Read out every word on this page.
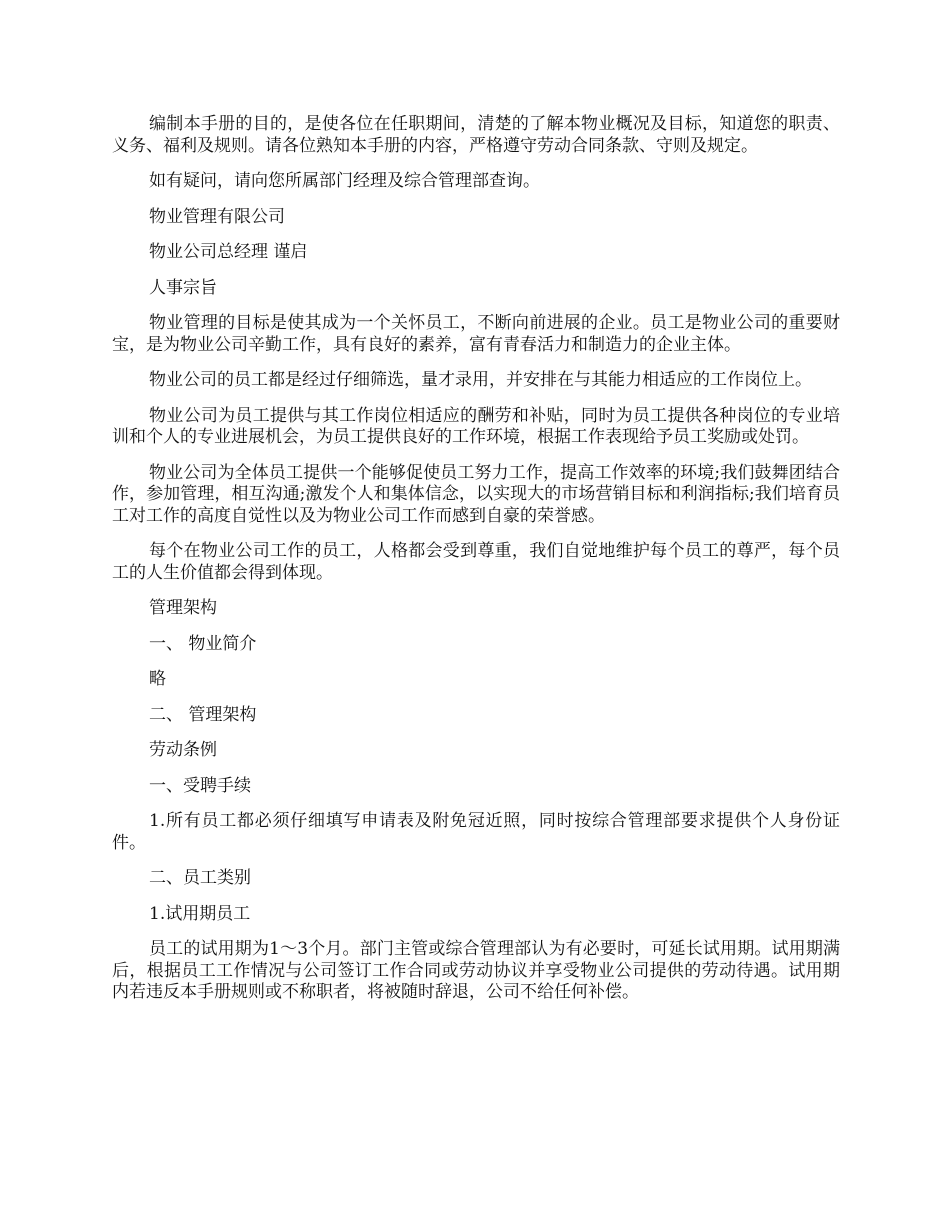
编制本手册的目的，是使各位在任职期间，清楚的了解本物业概况及目标，知道您的职责、义务、福利及规则。请各位熟知本手册的内容，严格遵守劳动合同条款、守则及规定。

如有疑问，请向您所属部门经理及综合管理部查询。

物业管理有限公司

物业公司总经理 谨启

人事宗旨

物业管理的目标是使其成为一个关怀员工，不断向前进展的企业。员工是物业公司的重要财宝，是为物业公司辛勤工作，具有良好的素养，富有青春活力和制造力的企业主体。

物业公司的员工都是经过仔细筛选，量才录用，并安排在与其能力相适应的工作岗位上。

物业公司为员工提供与其工作岗位相适应的酬劳和补贴，同时为员工提供各种岗位的专业培训和个人的专业进展机会，为员工提供良好的工作环境，根据工作表现给予员工奖励或处罚。

物业公司为全体员工提供一个能够促使员工努力工作，提高工作效率的环境;我们鼓舞团结合作，参加管理，相互沟通;激发个人和集体信念，以实现大的市场营销目标和利润指标;我们培育员工对工作的高度自觉性以及为物业公司工作而感到自豪的荣誉感。

每个在物业公司工作的员工，人格都会受到尊重，我们自觉地维护每个员工的尊严，每个员工的人生价值都会得到体现。

管理架构

一、 物业简介

略

二、 管理架构

劳动条例

一、受聘手续

1.所有员工都必须仔细填写申请表及附免冠近照，同时按综合管理部要求提供个人身份证件。

二、员工类别

1.试用期员工

员工的试用期为1～3个月。部门主管或综合管理部认为有必要时，可延长试用期。试用期满后，根据员工工作情况与公司签订工作合同或劳动协议并享受物业公司提供的劳动待遇。试用期内若违反本手册规则或不称职者，将被随时辞退，公司不给任何补偿。
